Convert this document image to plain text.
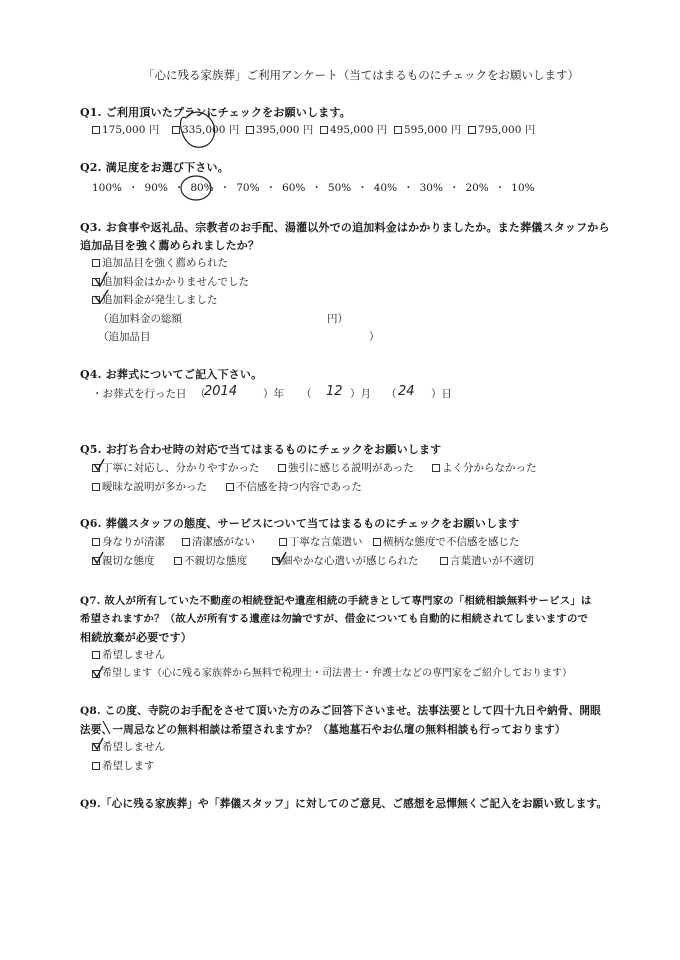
「心に残る家族葬」ご利用アンケート（当てはまるものにチェックをお願いします）
Q1. ご利用頂いたプランにチェックをお願いします。
175,000 円 335,000 円 395,000 円 495,000 円 595,000 円 795,000 円
Q2. 満足度をお選び下さい。
100% ・ 90% ・ 80% ・ 70% ・ 60% ・ 50% ・ 40% ・ 30% ・ 20% ・ 10%
Q3. お食事や返礼品、宗教者のお手配、湯灌以外での追加料金はかかりましたか。また葬儀スタッフから
追加品目を強く薦められましたか？
追加品目を強く薦められた
追加料金はかかりませんでした
追加料金が発生しました
（追加料金の総額	円）
（追加品目	）
Q4. お葬式についてご記入下さい。
・お葬式を行った日 （
2014 ）年 （ 12 ）月 （ 24 ）日
Q5. お打ち合わせ時の対応で当てはまるものにチェックをお願いします
丁寧に対応し、分かりやすかった	強引に感じる説明があった	よく分からなかった
曖昧な説明が多かった	不信感を持つ内容であった
Q6. 葬儀スタッフの態度、サービスについて当てはまるものにチェックをお願いします
身なりが清潔	清潔感がない	丁寧な言葉遣い 横柄な態度で不信感を感じた
親切な態度	不親切な態度	細やかな心遣いが感じられた	言葉遣いが不適切
Q7. 故人が所有していた不動産の相続登記や遺産相続の手続きとして専門家の「相続相談無料サービス」は
希望されますか？（故人が所有する遺産は勿論ですが、借金についても自動的に相続されてしまいますので
相続放棄が必要です）
希望しません
希望します（心に残る家族葬から無料で税理士・司法書士・弁護士などの専門家をご紹介しております）
Q8. この度、寺院のお手配をさせて頂いた方のみご回答下さいませ。法事法要として四十九日や納骨、開眼
法要、一周忌などの無料相談は希望されますか？（墓地墓石やお仏壇の無料相談も行っております）
希望しません
希望します
Q9.「心に残る家族葬」や「葬儀スタッフ」に対してのご意見、ご感想を忌憚無くご記入をお願い致します。
